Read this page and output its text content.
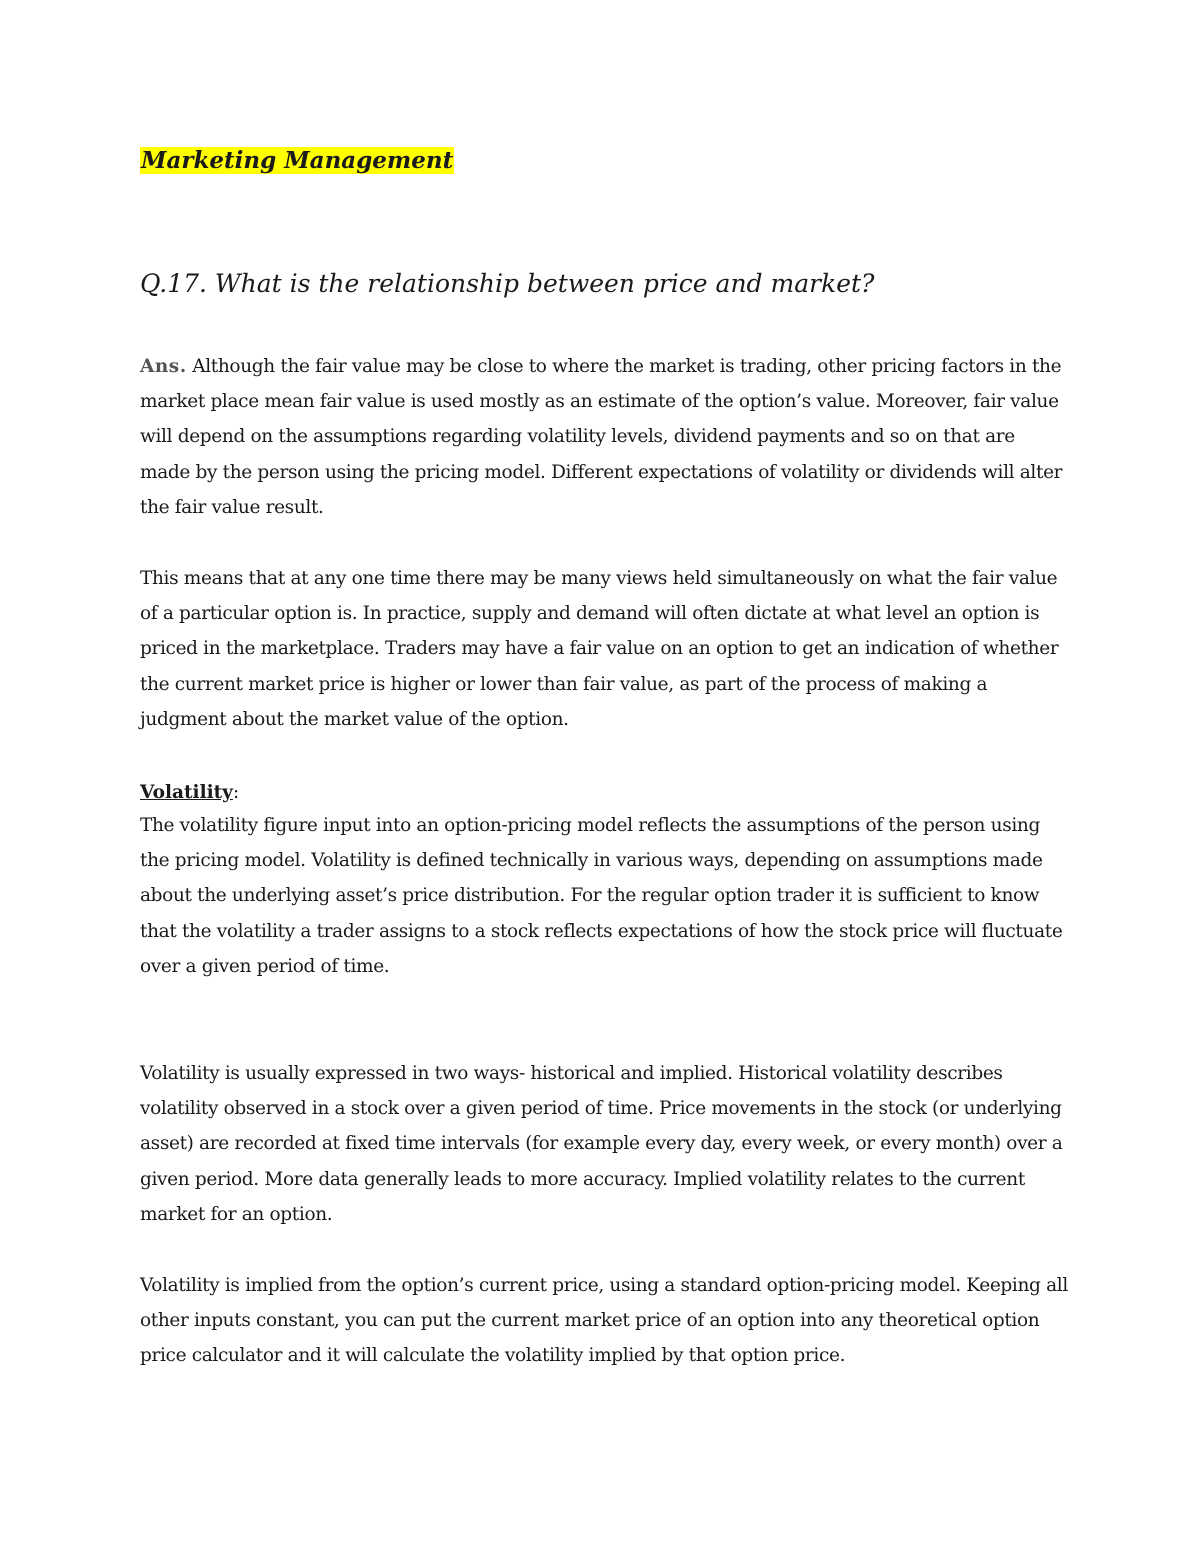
Marketing Management
Q.17. What is the relationship between price and market?

Ans. Although the fair value may be close to where the market is trading, other pricing factors in the market place mean fair value is used mostly as an estimate of the option’s value. Moreover, fair value will depend on the assumptions regarding volatility levels, dividend payments and so on that are made by the person using the pricing model. Different expectations of volatility or dividends will alter the fair value result.

This means that at any one time there may be many views held simultaneously on what the fair value of a particular option is. In practice, supply and demand will often dictate at what level an option is priced in the marketplace. Traders may have a fair value on an option to get an indication of whether the current market price is higher or lower than fair value, as part of the process of making a judgment about the market value of the option.

Volatility:

The volatility figure input into an option-pricing model reflects the assumptions of the person using the pricing model. Volatility is defined technically in various ways, depending on assumptions made about the underlying asset’s price distribution. For the regular option trader it is sufficient to know that the volatility a trader assigns to a stock reflects expectations of how the stock price will fluctuate over a given period of time.

Volatility is usually expressed in two ways- historical and implied. Historical volatility describes volatility observed in a stock over a given period of time. Price movements in the stock (or underlying asset) are recorded at fixed time intervals (for example every day, every week, or every month) over a given period. More data generally leads to more accuracy. Implied volatility relates to the current market for an option.

Volatility is implied from the option’s current price, using a standard option-pricing model. Keeping all other inputs constant, you can put the current market price of an option into any theoretical option price calculator and it will calculate the volatility implied by that option price.
